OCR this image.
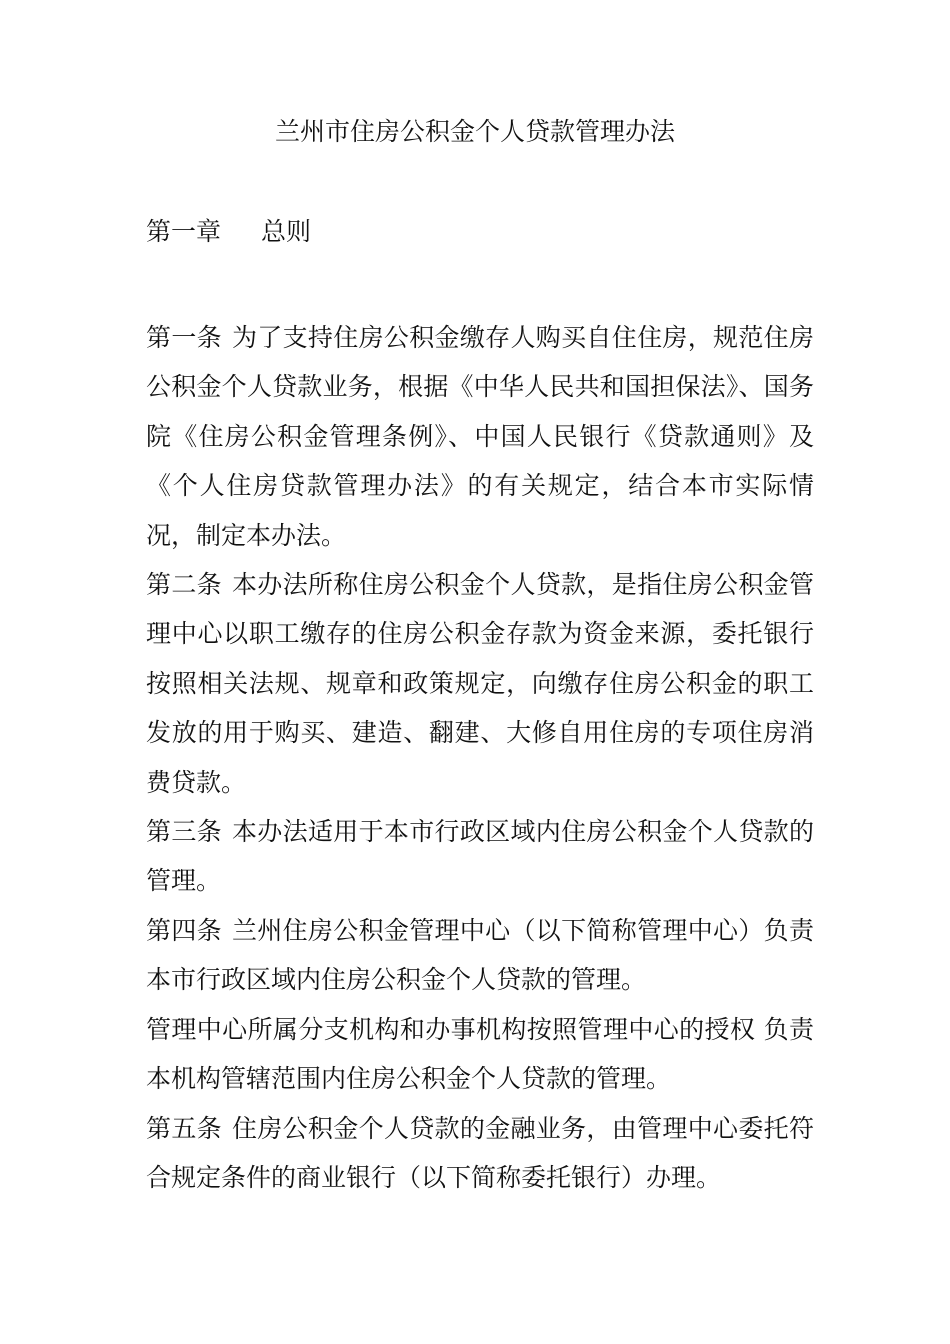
兰州市住房公积金个人贷款管理办法
第一章 总则

第一条 为了支持住房公积金缴存人购买自住住房，规范住房公积金个人贷款业务，根据《中华人民共和国担保法》、国务院《住房公积金管理条例》、中国人民银行《贷款通则》及《个人住房贷款管理办法》的有关规定，结合本市实际情况，制定本办法。

第二条 本办法所称住房公积金个人贷款，是指住房公积金管理中心以职工缴存的住房公积金存款为资金来源，委托银行按照相关法规、规章和政策规定，向缴存住房公积金的职工发放的用于购买、建造、翻建、大修自用住房的专项住房消费贷款。

第三条 本办法适用于本市行政区域内住房公积金个人贷款的管理。

第四条 兰州住房公积金管理中心（以下简称管理中心）负责本市行政区域内住房公积金个人贷款的管理。

管理中心所属分支机构和办事机构按照管理中心的授权 负责本机构管辖范围内住房公积金个人贷款的管理。

第五条 住房公积金个人贷款的金融业务，由管理中心委托符合规定条件的商业银行（以下简称委托银行）办理。
